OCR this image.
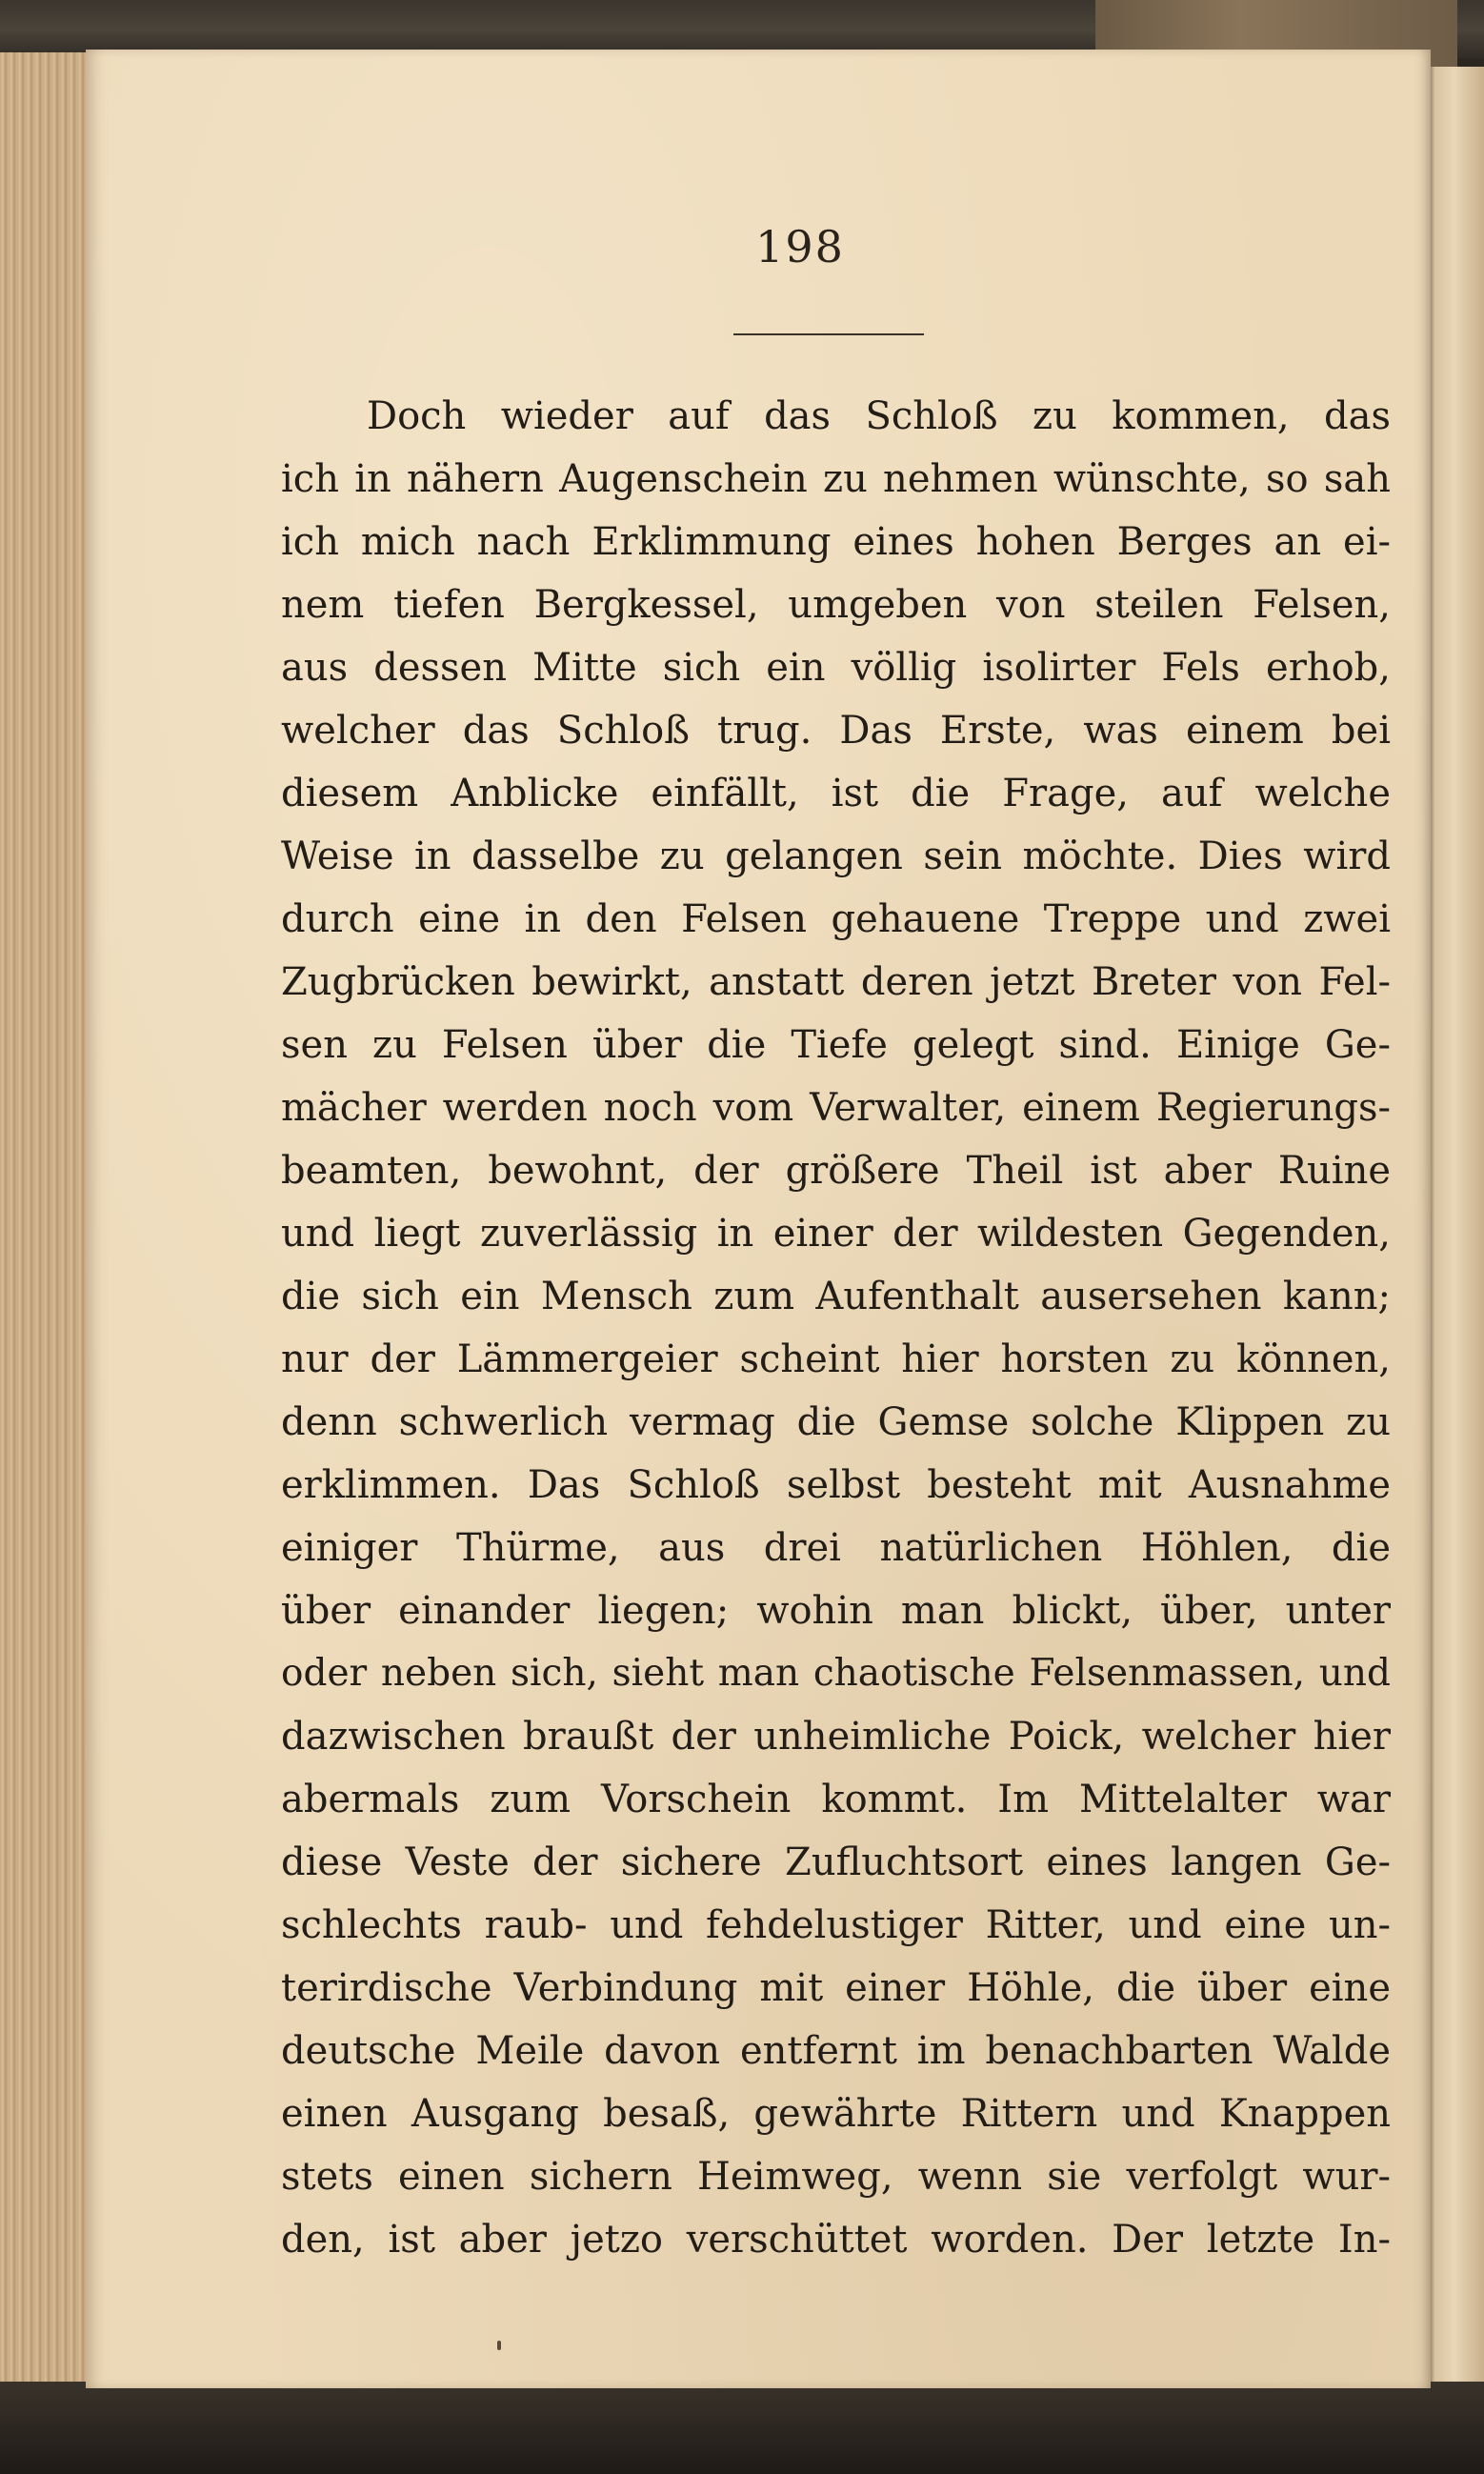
198
Doch wieder auf das Schloß zu kommen, das
ich in nähern Augenschein zu nehmen wünschte, so sah
ich mich nach Erklimmung eines hohen Berges an ei-
nem tiefen Bergkessel, umgeben von steilen Felsen,
aus dessen Mitte sich ein völlig isolirter Fels erhob,
welcher das Schloß trug. Das Erste, was einem bei
diesem Anblicke einfällt, ist die Frage, auf welche
Weise in dasselbe zu gelangen sein möchte. Dies wird
durch eine in den Felsen gehauene Treppe und zwei
Zugbrücken bewirkt, anstatt deren jetzt Breter von Fel-
sen zu Felsen über die Tiefe gelegt sind. Einige Ge-
mächer werden noch vom Verwalter, einem Regierungs-
beamten, bewohnt, der größere Theil ist aber Ruine
und liegt zuverlässig in einer der wildesten Gegenden,
die sich ein Mensch zum Aufenthalt ausersehen kann;
nur der Lämmergeier scheint hier horsten zu können,
denn schwerlich vermag die Gemse solche Klippen zu
erklimmen. Das Schloß selbst besteht mit Ausnahme
einiger Thürme, aus drei natürlichen Höhlen, die
über einander liegen; wohin man blickt, über, unter
oder neben sich, sieht man chaotische Felsenmassen, und
dazwischen braußt der unheimliche Poick, welcher hier
abermals zum Vorschein kommt. Im Mittelalter war
diese Veste der sichere Zufluchtsort eines langen Ge-
schlechts raub- und fehdelustiger Ritter, und eine un-
terirdische Verbindung mit einer Höhle, die über eine
deutsche Meile davon entfernt im benachbarten Walde
einen Ausgang besaß, gewährte Rittern und Knappen
stets einen sichern Heimweg, wenn sie verfolgt wur-
den, ist aber jetzo verschüttet worden. Der letzte In-
